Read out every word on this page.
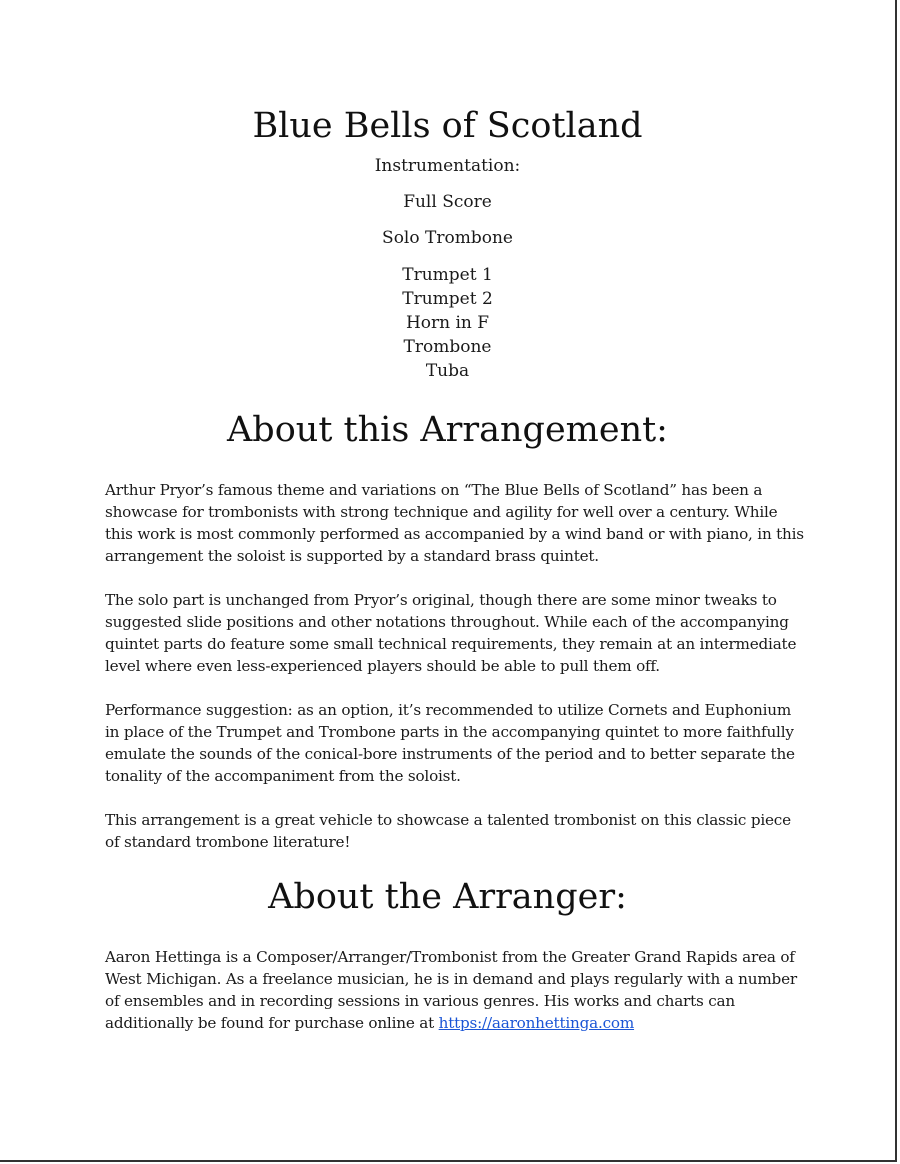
Blue Bells of Scotland
Instrumentation:
Full Score
Solo Trombone
Trumpet 1
Trumpet 2
Horn in F
Trombone
Tuba
About this Arrangement:

Arthur Pryor’s famous theme and variations on “The Blue Bells of Scotland” has been a showcase for trombonists with strong technique and agility for well over a century. While this work is most commonly performed as accompanied by a wind band or with piano, in this arrangement the soloist is supported by a standard brass quintet.

The solo part is unchanged from Pryor’s original, though there are some minor tweaks to suggested slide positions and other notations throughout. While each of the accompanying quintet parts do feature some small technical requirements, they remain at an intermediate level where even less-experienced players should be able to pull them off.

Performance suggestion: as an option, it’s recommended to utilize Cornets and Euphonium in place of the Trumpet and Trombone parts in the accompanying quintet to more faithfully emulate the sounds of the conical-bore instruments of the period and to better separate the tonality of the accompaniment from the soloist.

This arrangement is a great vehicle to showcase a talented trombonist on this classic piece of standard trombone literature!

About the Arranger:

Aaron Hettinga is a Composer/Arranger/Trombonist from the Greater Grand Rapids area of West Michigan. As a freelance musician, he is in demand and plays regularly with a number of ensembles and in recording sessions in various genres. His works and charts can additionally be found for purchase online at https://aaronhettinga.com
